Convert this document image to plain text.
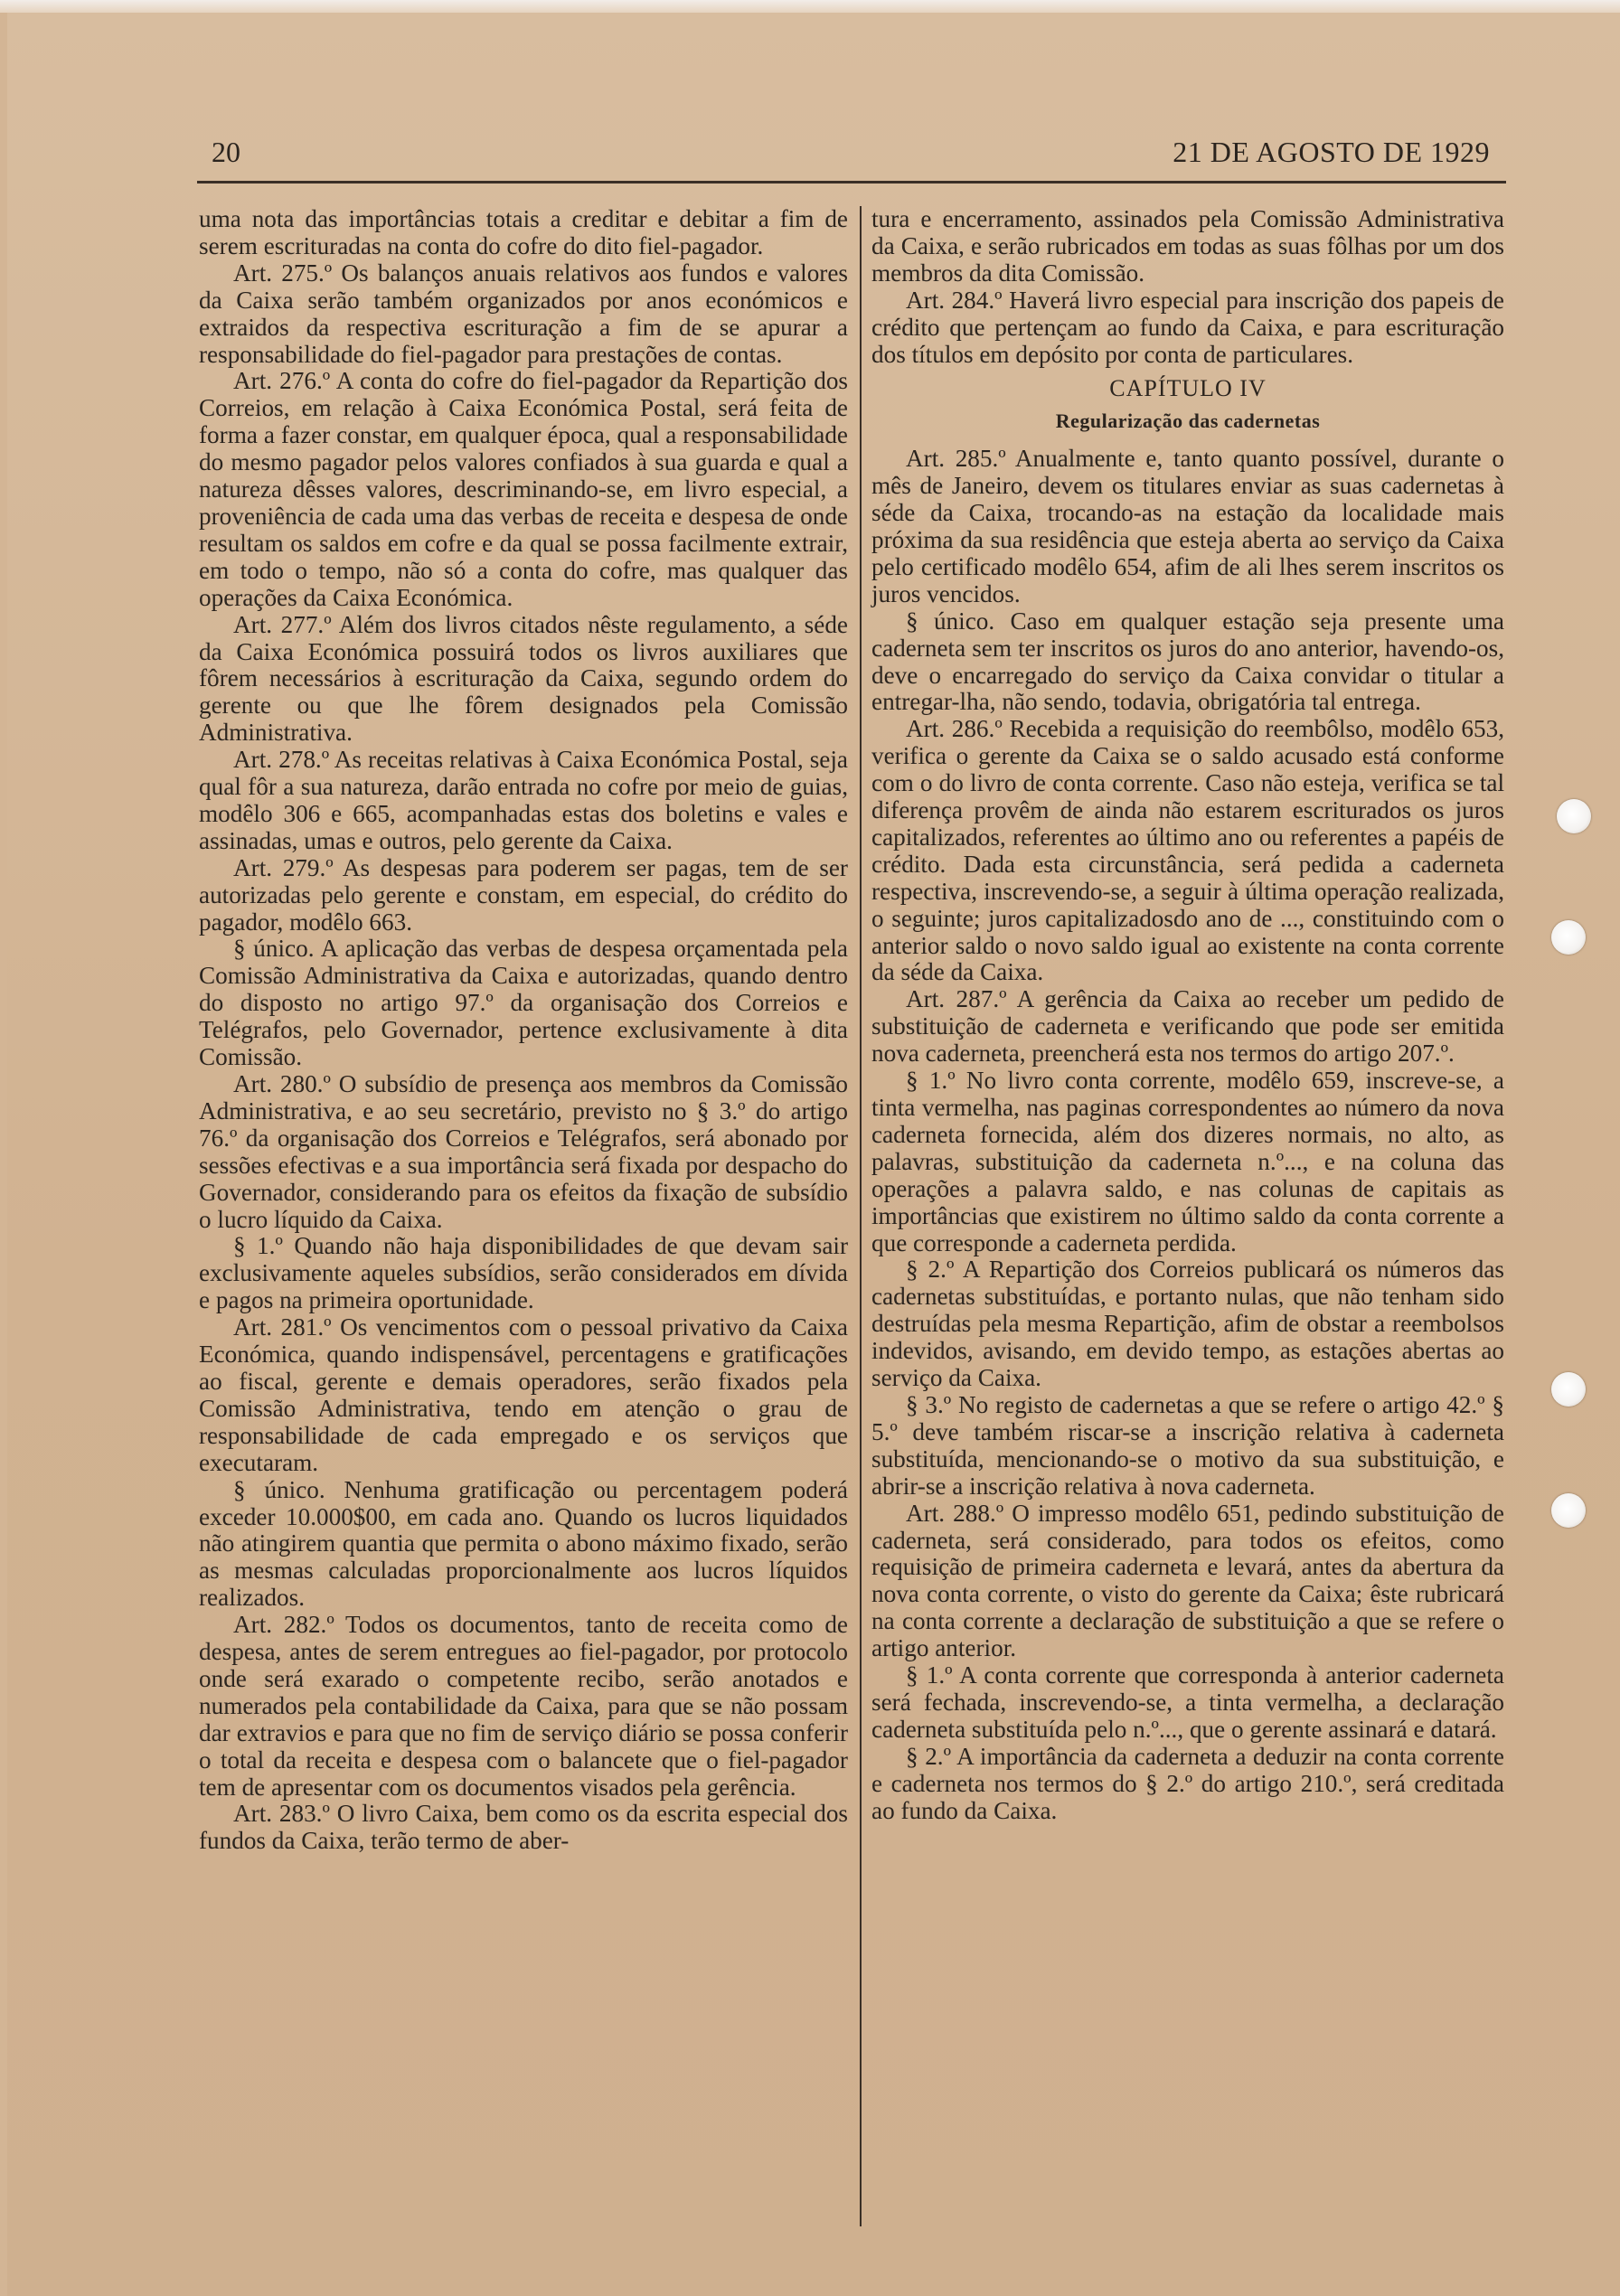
20	21 DE AGOSTO DE 1929

uma nota das importâncias totais a creditar e debitar a fim de serem escrituradas na conta do cofre do dito fiel-pagador.

Art. 275.º Os balanços anuais relativos aos fundos e valores da Caixa serão também organizados por anos económicos e extraidos da respectiva escrituração a fim de se apurar a responsabilidade do fiel-pagador para prestações de contas.

Art. 276.º A conta do cofre do fiel-pagador da Repartição dos Correios, em relação à Caixa Económica Postal, será feita de forma a fazer constar, em qualquer época, qual a responsabilidade do mesmo pagador pelos valores confiados à sua guarda e qual a natureza dêsses valores, descriminando-se, em livro especial, a proveniência de cada uma das verbas de receita e despesa de onde resultam os saldos em cofre e da qual se possa facilmente extrair, em todo o tempo, não só a conta do cofre, mas qualquer das operações da Caixa Económica.

Art. 277.º Além dos livros citados nêste regulamento, a séde da Caixa Económica possuirá todos os livros auxiliares que fôrem necessários à escrituração da Caixa, segundo ordem do gerente ou que lhe fôrem designados pela Comissão Administrativa.

Art. 278.º As receitas relativas à Caixa Económica Postal, seja qual fôr a sua natureza, darão entrada no cofre por meio de guias, modêlo 306 e 665, acompanhadas estas dos boletins e vales e assinadas, umas e outros, pelo gerente da Caixa.

Art. 279.º As despesas para poderem ser pagas, tem de ser autorizadas pelo gerente e constam, em especial, do crédito do pagador, modêlo 663.

§ único. A aplicação das verbas de despesa orçamentada pela Comissão Administrativa da Caixa e autorizadas, quando dentro do disposto no artigo 97.º da organisação dos Correios e Telégrafos, pelo Governador, pertence exclusivamente à dita Comissão.

Art. 280.º O subsídio de presença aos membros da Comissão Administrativa, e ao seu secretário, previsto no § 3.º do artigo 76.º da organisação dos Correios e Telégrafos, será abonado por sessões efectivas e a sua importância será fixada por despacho do Governador, considerando para os efeitos da fixação de subsídio o lucro líquido da Caixa.

§ 1.º Quando não haja disponibilidades de que devam sair exclusivamente aqueles subsídios, serão considerados em dívida e pagos na primeira oportunidade.

Art. 281.º Os vencimentos com o pessoal privativo da Caixa Económica, quando indispensável, percentagens e gratificações ao fiscal, gerente e demais operadores, serão fixados pela Comissão Administrativa, tendo em atenção o grau de responsabilidade de cada empregado e os serviços que executaram.

§ único. Nenhuma gratificação ou percentagem poderá exceder 10.000$00, em cada ano. Quando os lucros liquidados não atingirem quantia que permita o abono máximo fixado, serão as mesmas calculadas proporcionalmente aos lucros líquidos realizados.

Art. 282.º Todos os documentos, tanto de receita como de despesa, antes de serem entregues ao fiel-pagador, por protocolo onde será exarado o competente recibo, serão anotados e numerados pela contabilidade da Caixa, para que se não possam dar extravios e para que no fim de serviço diário se possa conferir o total da receita e despesa com o balancete que o fiel-pagador tem de apresentar com os documentos visados pela gerência.

Art. 283.º O livro Caixa, bem como os da escrita especial dos fundos da Caixa, terão termo de aber-

tura e encerramento, assinados pela Comissão Administrativa da Caixa, e serão rubricados em todas as suas fôlhas por um dos membros da dita Comissão.

Art. 284.º Haverá livro especial para inscrição dos papeis de crédito que pertençam ao fundo da Caixa, e para escrituração dos títulos em depósito por conta de particulares.

CAPÍTULO IV
Regularização das cadernetas

Art. 285.º Anualmente e, tanto quanto possível, durante o mês de Janeiro, devem os titulares enviar as suas cadernetas à séde da Caixa, trocando-as na estação da localidade mais próxima da sua residência que esteja aberta ao serviço da Caixa pelo certificado modêlo 654, afim de ali lhes serem inscritos os juros vencidos.

§ único. Caso em qualquer estação seja presente uma caderneta sem ter inscritos os juros do ano anterior, havendo-os, deve o encarregado do serviço da Caixa convidar o titular a entregar-lha, não sendo, todavia, obrigatória tal entrega.

Art. 286.º Recebida a requisição do reembôlso, modêlo 653, verifica o gerente da Caixa se o saldo acusado está conforme com o do livro de conta corrente. Caso não esteja, verifica se tal diferença provêm de ainda não estarem escriturados os juros capitalizados, referentes ao último ano ou referentes a papéis de crédito. Dada esta circunstância, será pedida a caderneta respectiva, inscrevendo-se, a seguir à última operação realizada, o seguinte; juros capitalizadosdo ano de ..., constituindo com o anterior saldo o novo saldo igual ao existente na conta corrente da séde da Caixa.

Art. 287.º A gerência da Caixa ao receber um pedido de substituição de caderneta e verificando que pode ser emitida nova caderneta, preencherá esta nos termos do artigo 207.º.

§ 1.º No livro conta corrente, modêlo 659, inscreve-se, a tinta vermelha, nas paginas correspondentes ao número da nova caderneta fornecida, além dos dizeres normais, no alto, as palavras, substituição da caderneta n.º..., e na coluna das operações a palavra saldo, e nas colunas de capitais as importâncias que existirem no último saldo da conta corrente a que corresponde a caderneta perdida.

§ 2.º A Repartição dos Correios publicará os números das cadernetas substituídas, e portanto nulas, que não tenham sido destruídas pela mesma Repartição, afim de obstar a reembolsos indevidos, avisando, em devido tempo, as estações abertas ao serviço da Caixa.

§ 3.º No registo de cadernetas a que se refere o artigo 42.º § 5.º deve também riscar-se a inscrição relativa à caderneta substituída, mencionando-se o motivo da sua substituição, e abrir-se a inscrição relativa à nova caderneta.

Art. 288.º O impresso modêlo 651, pedindo substituição de caderneta, será considerado, para todos os efeitos, como requisição de primeira caderneta e levará, antes da abertura da nova conta corrente, o visto do gerente da Caixa; êste rubricará na conta corrente a declaração de substituição a que se refere o artigo anterior.

§ 1.º A conta corrente que corresponda à anterior caderneta será fechada, inscrevendo-se, a tinta vermelha, a declaração caderneta substituída pelo n.º..., que o gerente assinará e datará.

§ 2.º A importância da caderneta a deduzir na conta corrente e caderneta nos termos do § 2.º do artigo 210.º, será creditada ao fundo da Caixa.
